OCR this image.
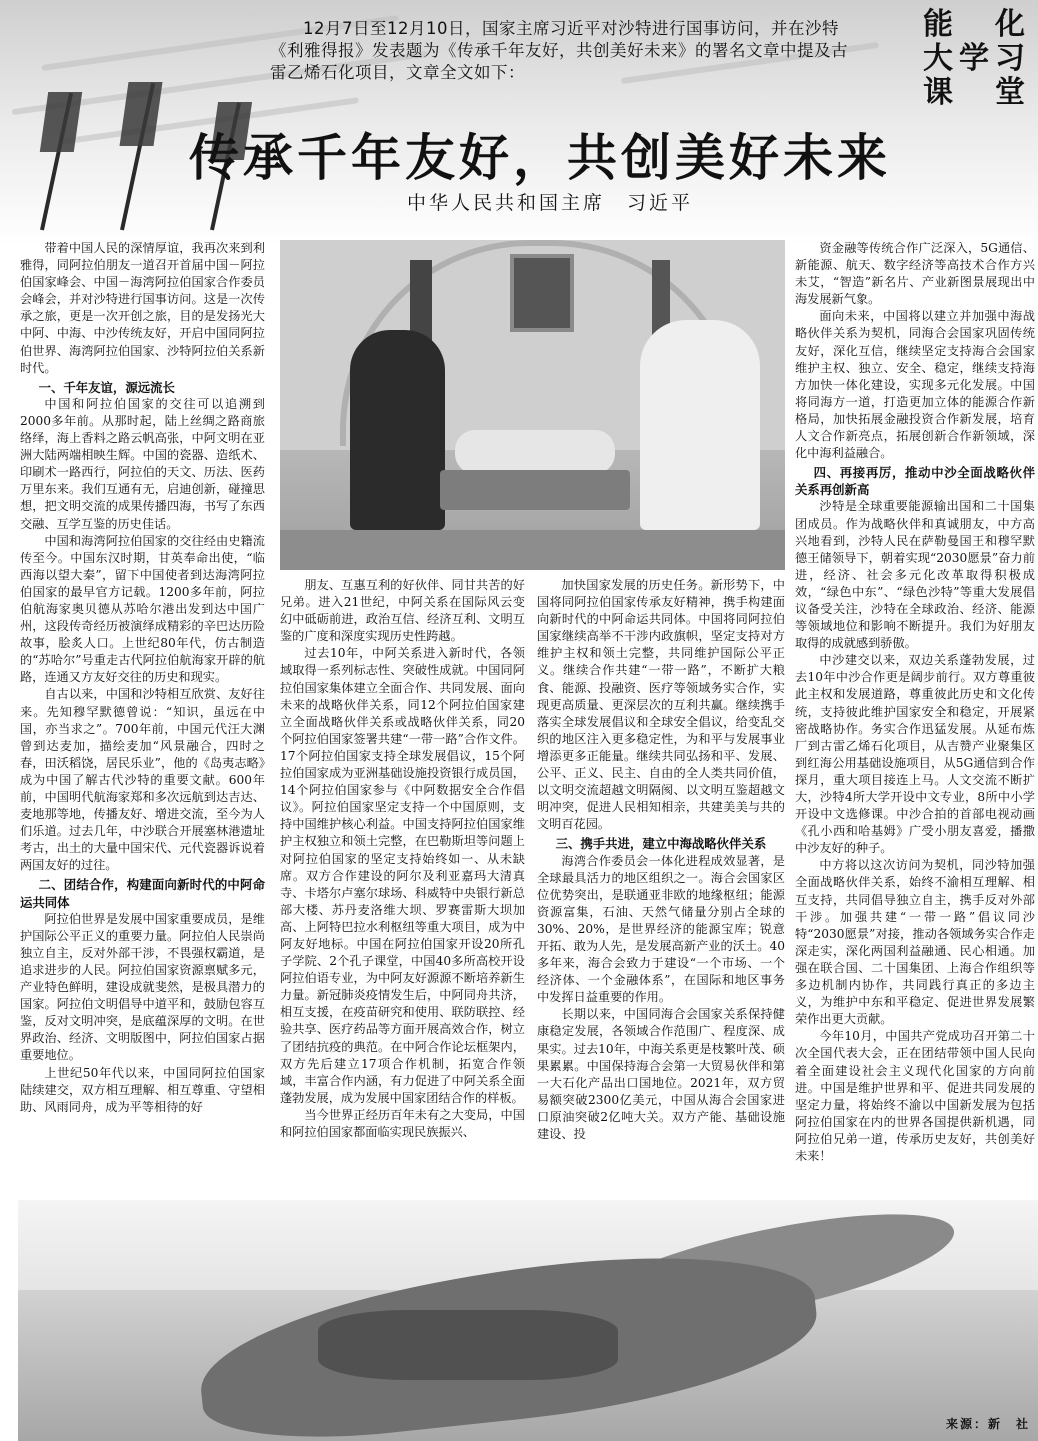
12月7日至12月10日，国家主席习近平对沙特进行国事访问，并在沙特《利雅得报》发表题为《传承千年友好，共创美好未来》的署名文章中提及古雷乙烯石化项目，文章全文如下：

能　化
大学习
课　堂
传承千年友好，共创美好未来
中华人民共和国主席　习近平

带着中国人民的深情厚谊，我再次来到利雅得，同阿拉伯朋友一道召开首届中国－阿拉伯国家峰会、中国－海湾阿拉伯国家合作委员会峰会，并对沙特进行国事访问。这是一次传承之旅，更是一次开创之旅，目的是发扬光大中阿、中海、中沙传统友好，开启中国同阿拉伯世界、海湾阿拉伯国家、沙特阿拉伯关系新时代。

一、千年友谊，源远流长

中国和阿拉伯国家的交往可以追溯到2000多年前。从那时起，陆上丝绸之路商旅络绎，海上香料之路云帆高张，中阿文明在亚洲大陆两端相映生辉。中国的瓷器、造纸术、印刷术一路西行，阿拉伯的天文、历法、医药万里东来。我们互通有无，启迪创新，碰撞思想，把文明交流的成果传播四海，书写了东西交融、互学互鉴的历史佳话。

中国和海湾阿拉伯国家的交往经由史籍流传至今。中国东汉时期，甘英奉命出使，“临西海以望大秦”，留下中国使者到达海湾阿拉伯国家的最早官方记载。1200多年前，阿拉伯航海家奥贝德从苏哈尔港出发到达中国广州，这段传奇经历被演绎成精彩的辛巴达历险故事，脍炙人口。上世纪80年代，仿古制造的“苏哈尔”号重走古代阿拉伯航海家开辟的航路，连通又方友好交往的历史和现实。

自古以来，中国和沙特相互欣赏、友好往来。先知穆罕默德曾说：“知识，虽远在中国，亦当求之”。700年前，中国元代汪大渊曾到达麦加，描绘麦加“风景融合，四时之春，田沃稻饶，居民乐业”，他的《岛夷志略》成为中国了解古代沙特的重要文献。600年前，中国明代航海家郑和多次远航到达吉达、麦地那等地，传播友好、增进交流，至今为人们乐道。过去几年，中沙联合开展塞林港遗址考古，出土的大量中国宋代、元代瓷器诉说着两国友好的过往。

二、团结合作，构建面向新时代的中阿命运共同体

阿拉伯世界是发展中国家重要成员，是维护国际公平正义的重要力量。阿拉伯人民崇尚独立自主，反对外部干涉，不畏强权霸道，是追求进步的人民。阿拉伯国家资源禀赋多元，产业特色鲜明，建设成就斐然，是极具潜力的国家。阿拉伯文明倡导中道平和，鼓励包容互鉴，反对文明冲突，是底蕴深厚的文明。在世界政治、经济、文明版图中，阿拉伯国家占据重要地位。

上世纪50年代以来，中国同阿拉伯国家陆续建交，双方相互理解、相互尊重、守望相助、风雨同舟，成为平等相待的好

朋友、互惠互利的好伙伴、同甘共苦的好兄弟。进入21世纪，中阿关系在国际风云变幻中砥砺前进，政治互信、经济互利、文明互鉴的广度和深度实现历史性跨越。

过去10年，中阿关系进入新时代，各领域取得一系列标志性、突破性成就。中国同阿拉伯国家集体建立全面合作、共同发展、面向未来的战略伙伴关系，同12个阿拉伯国家建立全面战略伙伴关系或战略伙伴关系，同20个阿拉伯国家签署共建“一带一路”合作文件。17个阿拉伯国家支持全球发展倡议，15个阿拉伯国家成为亚洲基础设施投资银行成员国，14个阿拉伯国家参与《中阿数据安全合作倡议》。阿拉伯国家坚定支持一个中国原则，支持中国维护核心利益。中国支持阿拉伯国家维护主权独立和领土完整，在巴勒斯坦等问题上对阿拉伯国家的坚定支持始终如一、从未缺席。双方合作建设的阿尔及利亚嘉玛大清真寺、卡塔尔卢塞尔球场、科威特中央银行新总部大楼、苏丹麦洛维大坝、罗赛雷斯大坝加高、上阿特巴拉水利枢纽等重大项目，成为中阿友好地标。中国在阿拉伯国家开设20所孔子学院、2个孔子课堂，中国40多所高校开设阿拉伯语专业，为中阿友好源源不断培养新生力量。新冠肺炎疫情发生后，中阿同舟共济，相互支援，在疫苗研究和使用、联防联控、经验共享、医疗药品等方面开展高效合作，树立了团结抗疫的典范。在中阿合作论坛框架内，双方先后建立17项合作机制，拓宽合作领域，丰富合作内涵，有力促进了中阿关系全面蓬勃发展，成为发展中国家团结合作的样板。

当今世界正经历百年未有之大变局，中国和阿拉伯国家都面临实现民族振兴、

加快国家发展的历史任务。新形势下，中国将同阿拉伯国家传承友好精神，携手构建面向新时代的中阿命运共同体。中国将同阿拉伯国家继续高举不干涉内政旗帜，坚定支持对方维护主权和领土完整，共同维护国际公平正义。继续合作共建“一带一路”，不断扩大粮食、能源、投融资、医疗等领域务实合作，实现更高质量、更深层次的互利共赢。继续携手落实全球发展倡议和全球安全倡议，给变乱交织的地区注入更多稳定性，为和平与发展事业增添更多正能量。继续共同弘扬和平、发展、公平、正义、民主、自由的全人类共同价值，以文明交流超越文明隔阂、以文明互鉴超越文明冲突，促进人民相知相亲，共建美美与共的文明百花园。

三、携手共进，建立中海战略伙伴关系

海湾合作委员会一体化进程成效显著，是全球最具活力的地区组织之一。海合会国家区位优势突出，是联通亚非欧的地缘枢纽；能源资源富集，石油、天然气储量分别占全球的30%、20%，是世界经济的能源宝库；锐意开拓、敢为人先，是发展高新产业的沃土。40多年来，海合会致力于建设“一个市场、一个经济体、一个金融体系”，在国际和地区事务中发挥日益重要的作用。

长期以来，中国同海合会国家关系保持健康稳定发展，各领域合作范围广、程度深、成果实。过去10年，中海关系更是枝繁叶茂、硕果累累。中国保持海合会第一大贸易伙伴和第一大石化产品出口国地位。2021年，双方贸易额突破2300亿美元，中国从海合会国家进口原油突破2亿吨大关。双方产能、基础设施建设、投

资金融等传统合作广泛深入，5G通信、新能源、航天、数字经济等高技术合作方兴未艾，“智造”新名片、产业新图景展现出中海发展新气象。

面向未来，中国将以建立并加强中海战略伙伴关系为契机，同海合会国家巩固传统友好，深化互信，继续坚定支持海合会国家维护主权、独立、安全、稳定，继续支持海方加快一体化建设，实现多元化发展。中国将同海方一道，打造更加立体的能源合作新格局，加快拓展金融投资合作新发展，培育人文合作新亮点，拓展创新合作新领域，深化中海利益融合。

四、再接再厉，推动中沙全面战略伙伴关系再创新高

沙特是全球重要能源输出国和二十国集团成员。作为战略伙伴和真诚朋友，中方高兴地看到，沙特人民在萨勒曼国王和穆罕默德王储领导下，朝着实现“2030愿景”奋力前进，经济、社会多元化改革取得积极成效，“绿色中东”、“绿色沙特”等重大发展倡议备受关注，沙特在全球政治、经济、能源等领域地位和影响不断提升。我们为好朋友取得的成就感到骄傲。

中沙建交以来，双边关系蓬勃发展，过去10年中沙合作更是阔步前行。双方尊重彼此主权和发展道路，尊重彼此历史和文化传统，支持彼此维护国家安全和稳定，开展紧密战略协作。务实合作迅猛发展。从延布炼厂到古雷乙烯石化项目，从吉赞产业聚集区到红海公用基础设施项目，从5G通信到合作探月，重大项目接连上马。人文交流不断扩大，沙特4所大学开设中文专业，8所中小学开设中文选修课。中沙合拍的首部电视动画《孔小西和哈基姆》广受小朋友喜爱，播撒中沙友好的种子。

中方将以这次访问为契机，同沙特加强全面战略伙伴关系，始终不渝相互理解、相互支持，共同倡导独立自主，携手反对外部干涉。加强共建“一带一路”倡议同沙特“2030愿景”对接，推动各领域务实合作走深走实，深化两国利益融通、民心相通。加强在联合国、二十国集团、上海合作组织等多边机制内协作，共同践行真正的多边主义，为维护中东和平稳定、促进世界发展繁荣作出更大贡献。

今年10月，中国共产党成功召开第二十次全国代表大会，正在团结带领中国人民向着全面建设社会主义现代化国家的方向前进。中国是维护世界和平、促进共同发展的坚定力量，将始终不渝以中国新发展为包括阿拉伯国家在内的世界各国提供新机遇，同阿拉伯兄弟一道，传承历史友好，共创美好未来！

来源：新　社
